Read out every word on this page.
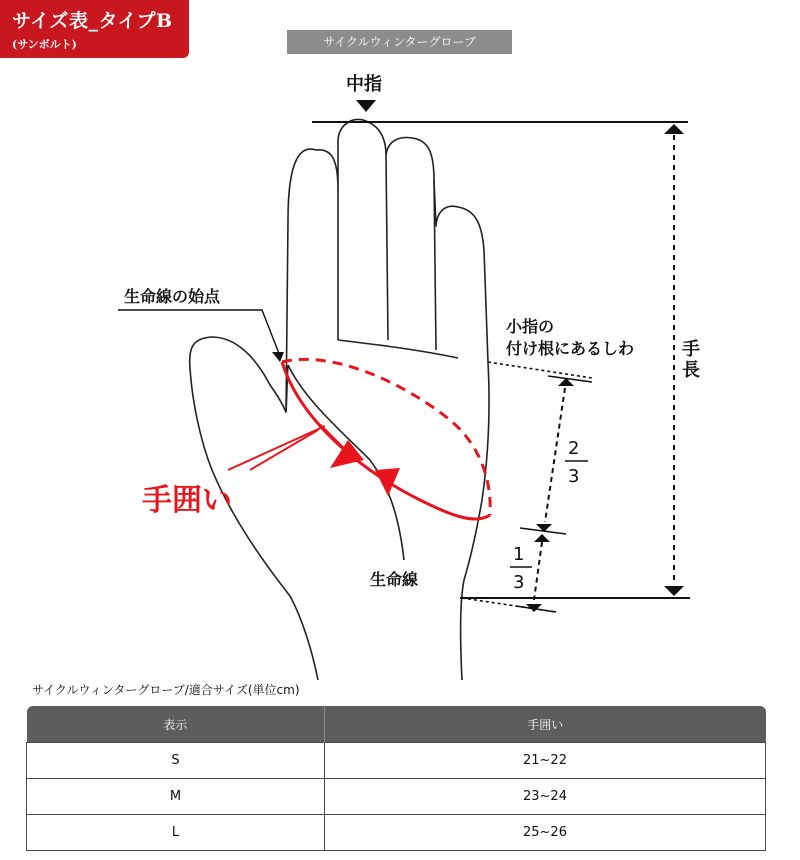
サイズ表_タイプB
(サンボルト)	サイクルウィンターグローブ
中指
手
長
小指の
付け根にあるしわ
2
3
1
3
生命線の始点
手囲い
生命線
サイクルウィンターグローブ/適合サイズ(単位cm)
表示	手囲い
S	21~22
M	23~24
L	25~26
